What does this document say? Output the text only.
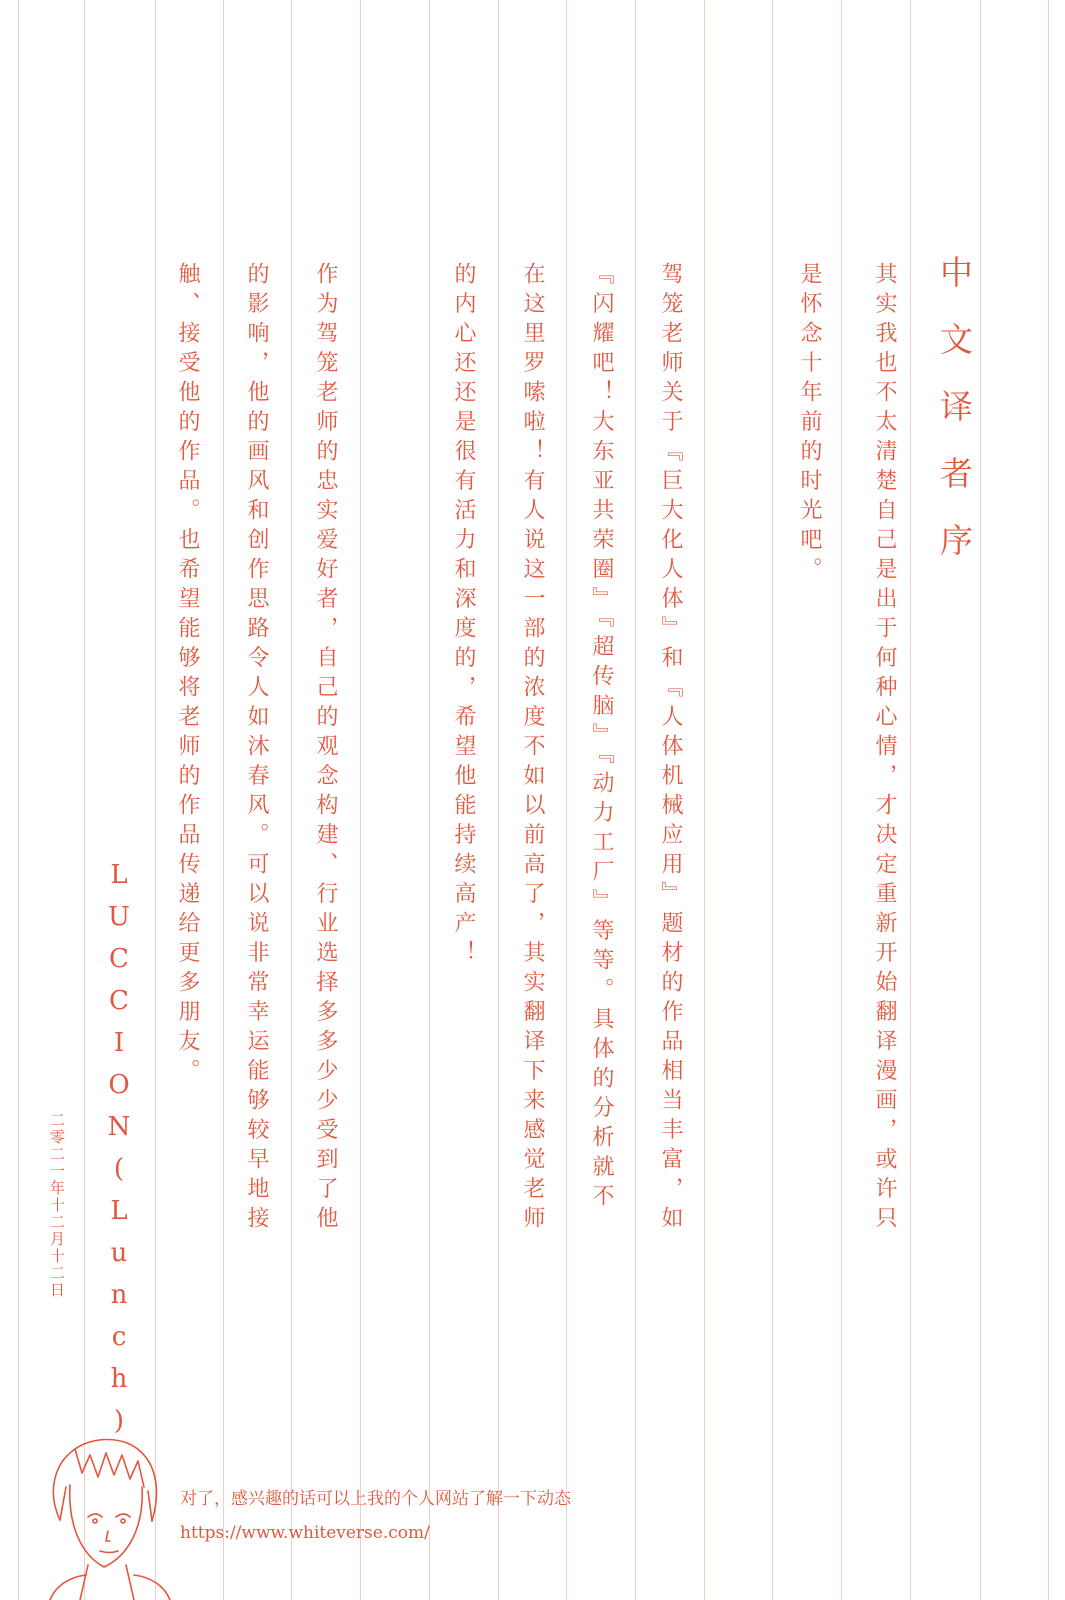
中文译者序
其实我也不太清楚自己是出于何种心情，才决定重新开始翻译漫画，或许只
是怀念十年前的时光吧。
驾笼老师关于『巨大化人体』和『人体机械应用』题材的作品相当丰富，如
『闪耀吧！大东亚共荣圈』『超传脑』『动力工厂』等等。具体的分析就不
在这里罗嗦啦！有人说这一部的浓度不如以前高了，其实翻译下来感觉老师
的内心还还是很有活力和深度的，希望他能持续高产！
作为驾笼老师的忠实爱好者，自己的观念构建、行业选择多多少少受到了他
的影响，他的画风和创作思路令人如沐春风。可以说非常幸运能够较早地接
触、接受他的作品。也希望能够将老师的作品传递给更多朋友。
LUCCION(Lunch)
二零二一年十二月十二日
对了，感兴趣的话可以上我的个人网站了解一下动态
https://www.whiteverse.com/
